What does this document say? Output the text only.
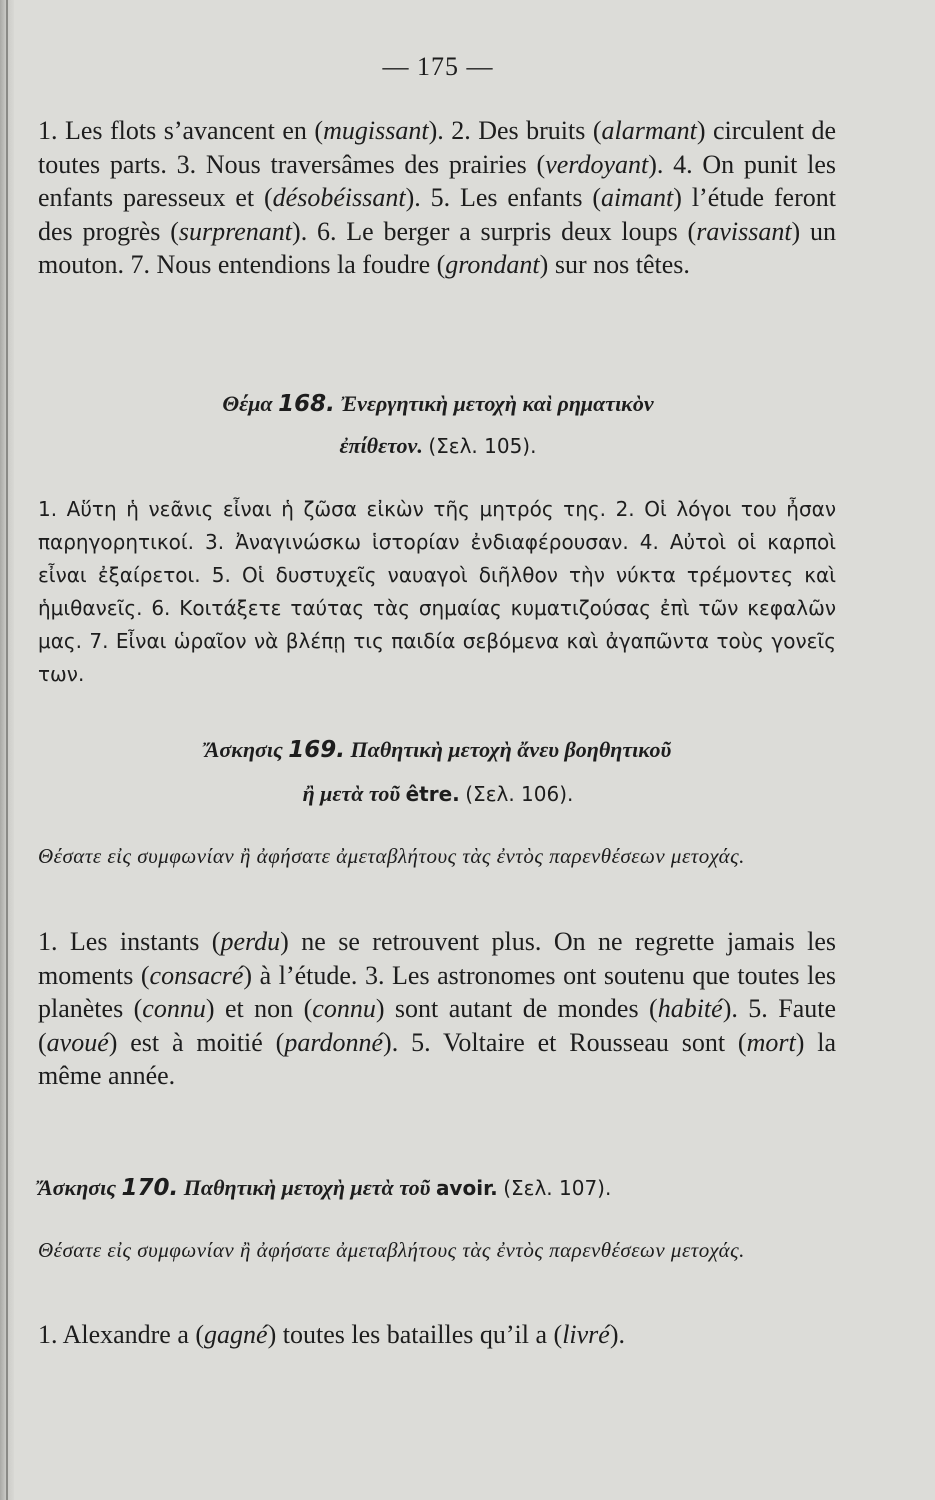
— 175 —
1. Les flots s’avancent en (mugissant). 2. Des bruits (alarmant) circulent de toutes parts. 3. Nous traversâmes des prairies (verdoyant). 4. On punit les enfants paresseux et (désobéissant). 5. Les enfants (aimant) l’étude feront des progrès (surprenant). 6. Le berger a surpris deux loups (ravissant) un mouton. 7. Nous entendions la foudre (grondant) sur nos têtes.
Θέμα 168. Ἐνεργητικὴ μετοχὴ καὶ ρηματικὸν
ἐπίθετον. (Σελ. 105).
1. Αὕτη ἡ νεᾶνις εἶναι ἡ ζῶσα εἰκὼν τῆς μητρός της. 2. Οἱ λόγοι του ἦσαν παρηγορητικοί. 3. Ἀναγινώσκω ἱστορίαν ἐνδιαφέρουσαν. 4. Αὐτοὶ οἱ καρποὶ εἶναι ἐξαίρετοι. 5. Οἱ δυστυχεῖς ναυαγοὶ διῆλθον τὴν νύκτα τρέμοντες καὶ ἡμιθανεῖς. 6. Κοιτάξετε ταύτας τὰς σημαίας κυματιζούσας ἐπὶ τῶν κεφαλῶν μας. 7. Εἶναι ὡραῖον νὰ βλέπῃ τις παιδία σεβόμενα καὶ ἀγαπῶντα τοὺς γονεῖς των.
Ἄσκησις 169. Παθητικὴ μετοχὴ ἄνευ βοηθητικοῦ
ἢ μετὰ τοῦ être. (Σελ. 106).
Θέσατε εἰς συμφωνίαν ἢ ἀφήσατε ἀμεταβλήτους τὰς ἐντὸς παρενθέσεων μετοχάς.
1. Les instants (perdu) ne se retrouvent plus. On ne regrette jamais les moments (consacré) à l’étude. 3. Les astronomes ont soutenu que toutes les planètes (connu) et non (connu) sont autant de mondes (habité). 5. Faute (avoué) est à moitié (pardonné). 5. Voltaire et Rousseau sont (mort) la même année.
Ἄσκησις 170. Παθητικὴ μετοχὴ μετὰ τοῦ avoir. (Σελ. 107).
Θέσατε εἰς συμφωνίαν ἢ ἀφήσατε ἀμεταβλήτους τὰς ἐντὸς παρενθέσεων μετοχάς.
1. Alexandre a (gagné) toutes les batailles qu’il a (livré).
